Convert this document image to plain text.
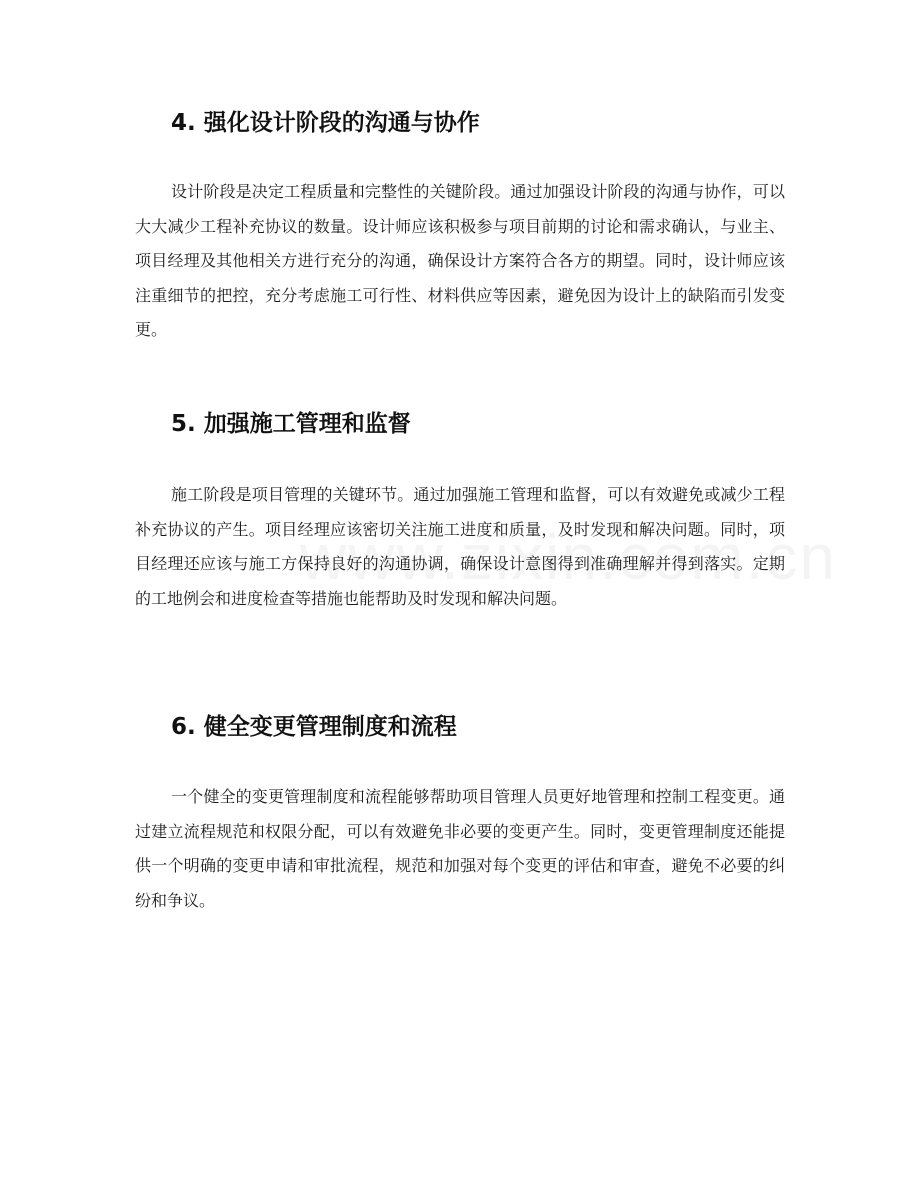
4. 强化设计阶段的沟通与协作

设计阶段是决定工程质量和完整性的关键阶段。通过加强设计阶段的沟通与协作，可以大大减少工程补充协议的数量。设计师应该积极参与项目前期的讨论和需求确认，与业主、项目经理及其他相关方进行充分的沟通，确保设计方案符合各方的期望。同时，设计师应该注重细节的把控，充分考虑施工可行性、材料供应等因素，避免因为设计上的缺陷而引发变更。

5. 加强施工管理和监督

施工阶段是项目管理的关键环节。通过加强施工管理和监督，可以有效避免或减少工程补充协议的产生。项目经理应该密切关注施工进度和质量，及时发现和解决问题。同时，项目经理还应该与施工方保持良好的沟通协调，确保设计意图得到准确理解并得到落实。定期的工地例会和进度检查等措施也能帮助及时发现和解决问题。

6. 健全变更管理制度和流程

一个健全的变更管理制度和流程能够帮助项目管理人员更好地管理和控制工程变更。通过建立流程规范和权限分配，可以有效避免非必要的变更产生。同时，变更管理制度还能提供一个明确的变更申请和审批流程，规范和加强对每个变更的评估和审查，避免不必要的纠纷和争议。
